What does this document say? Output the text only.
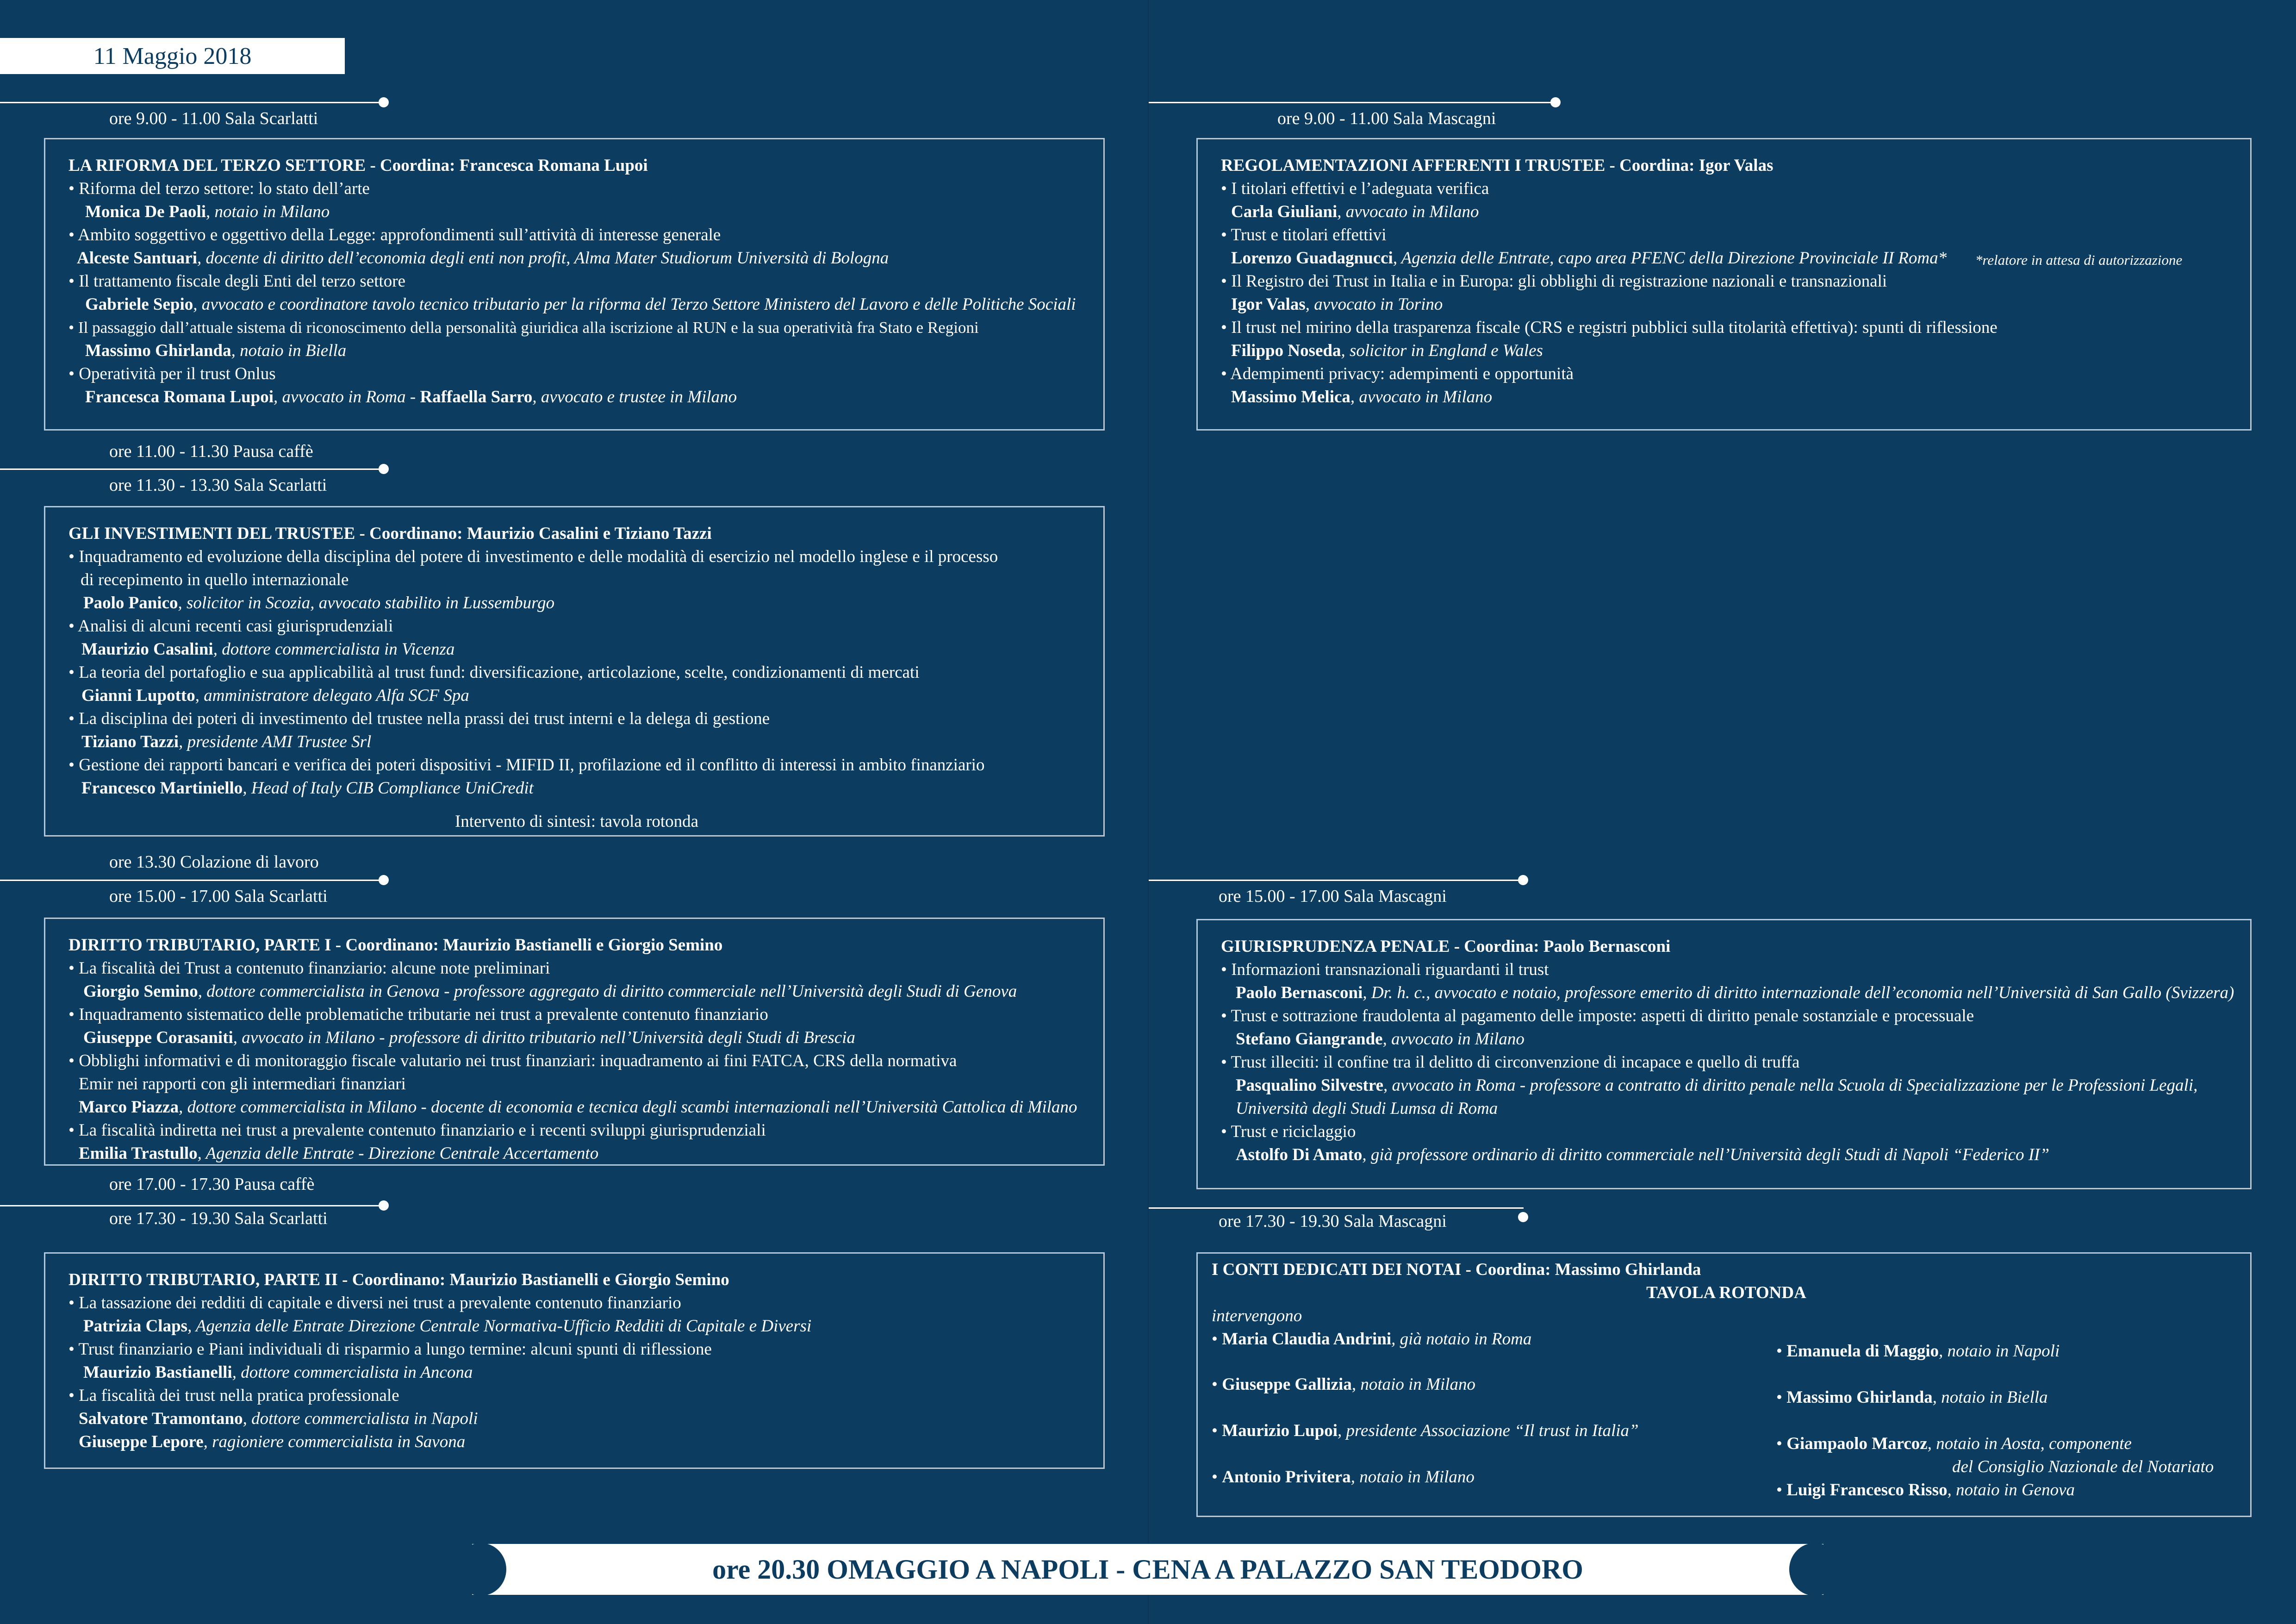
11 Maggio 2018
ore 9.00 - 11.00 Sala Scarlatti
LA RIFORMA DEL TERZO SETTORE - Coordina: Francesca Romana Lupoi
• Riforma del terzo settore: lo stato dell’arte
Monica De Paoli, notaio in Milano
• Ambito soggettivo e oggettivo della Legge: approfondimenti sull’attività di interesse generale
Alceste Santuari, docente di diritto dell’economia degli enti non profit, Alma Mater Studiorum Università di Bologna
• Il trattamento fiscale degli Enti del terzo settore
Gabriele Sepio, avvocato e coordinatore tavolo tecnico tributario per la riforma del Terzo Settore Ministero del Lavoro e delle Politiche Sociali
• Il passaggio dall’attuale sistema di riconoscimento della personalità giuridica alla iscrizione al RUN e la sua operatività fra Stato e Regioni
Massimo Ghirlanda, notaio in Biella
• Operatività per il trust Onlus
Francesca Romana Lupoi, avvocato in Roma - Raffaella Sarro, avvocato e trustee in Milano
ore 11.00 - 11.30 Pausa caffè
ore 11.30 - 13.30 Sala Scarlatti
GLI INVESTIMENTI DEL TRUSTEE - Coordinano: Maurizio Casalini e Tiziano Tazzi
• Inquadramento ed evoluzione della disciplina del potere di investimento e delle modalità di esercizio nel modello inglese e il processo
di recepimento in quello internazionale
Paolo Panico, solicitor in Scozia, avvocato stabilito in Lussemburgo
• Analisi di alcuni recenti casi giurisprudenziali
Maurizio Casalini, dottore commercialista in Vicenza
• La teoria del portafoglio e sua applicabilità al trust fund: diversificazione, articolazione, scelte, condizionamenti di mercati
Gianni Lupotto, amministratore delegato Alfa SCF Spa
• La disciplina dei poteri di investimento del trustee nella prassi dei trust interni e la delega di gestione
Tiziano Tazzi, presidente AMI Trustee Srl
• Gestione dei rapporti bancari e verifica dei poteri dispositivi - MIFID II, profilazione ed il conflitto di interessi in ambito finanziario
Francesco Martiniello, Head of Italy CIB Compliance UniCredit
Intervento di sintesi: tavola rotonda
ore 13.30 Colazione di lavoro
ore 15.00 - 17.00 Sala Scarlatti
DIRITTO TRIBUTARIO, PARTE I - Coordinano: Maurizio Bastianelli e Giorgio Semino
• La fiscalità dei Trust a contenuto finanziario: alcune note preliminari
Giorgio Semino, dottore commercialista in Genova - professore aggregato di diritto commerciale nell’Università degli Studi di Genova
• Inquadramento sistematico delle problematiche tributarie nei trust a prevalente contenuto finanziario
Giuseppe Corasaniti, avvocato in Milano - professore di diritto tributario nell’Università degli Studi di Brescia
• Obblighi informativi e di monitoraggio fiscale valutario nei trust finanziari: inquadramento ai fini FATCA, CRS della normativa
Emir nei rapporti con gli intermediari finanziari
Marco Piazza, dottore commercialista in Milano - docente di economia e tecnica degli scambi internazionali nell’Università Cattolica di Milano
• La fiscalità indiretta nei trust a prevalente contenuto finanziario e i recenti sviluppi giurisprudenziali
Emilia Trastullo, Agenzia delle Entrate - Direzione Centrale Accertamento
ore 17.00 - 17.30 Pausa caffè
ore 17.30 - 19.30 Sala Scarlatti
DIRITTO TRIBUTARIO, PARTE II - Coordinano: Maurizio Bastianelli e Giorgio Semino
• La tassazione dei redditi di capitale e diversi nei trust a prevalente contenuto finanziario
Patrizia Claps, Agenzia delle Entrate Direzione Centrale Normativa-Ufficio Redditi di Capitale e Diversi
• Trust finanziario e Piani individuali di risparmio a lungo termine: alcuni spunti di riflessione
Maurizio Bastianelli, dottore commercialista in Ancona
• La fiscalità dei trust nella pratica professionale
Salvatore Tramontano, dottore commercialista in Napoli
Giuseppe Lepore, ragioniere commercialista in Savona
ore 9.00 - 11.00 Sala Mascagni
REGOLAMENTAZIONI AFFERENTI I TRUSTEE - Coordina: Igor Valas
• I titolari effettivi e l’adeguata verifica
Carla Giuliani, avvocato in Milano
• Trust e titolari effettivi
Lorenzo Guadagnucci, Agenzia delle Entrate, capo area PFENC della Direzione Provinciale II Roma* *relatore in attesa di autorizzazione
• Il Registro dei Trust in Italia e in Europa: gli obblighi di registrazione nazionali e transnazionali
Igor Valas, avvocato in Torino
• Il trust nel mirino della trasparenza fiscale (CRS e registri pubblici sulla titolarità effettiva): spunti di riflessione
Filippo Noseda, solicitor in England e Wales
• Adempimenti privacy: adempimenti e opportunità
Massimo Melica, avvocato in Milano
ore 15.00 - 17.00 Sala Mascagni
GIURISPRUDENZA PENALE - Coordina: Paolo Bernasconi
• Informazioni transnazionali riguardanti il trust
Paolo Bernasconi, Dr. h. c., avvocato e notaio, professore emerito di diritto internazionale dell’economia nell’Università di San Gallo (Svizzera)
• Trust e sottrazione fraudolenta al pagamento delle imposte: aspetti di diritto penale sostanziale e processuale
Stefano Giangrande, avvocato in Milano
• Trust illeciti: il confine tra il delitto di circonvenzione di incapace e quello di truffa
Pasqualino Silvestre, avvocato in Roma - professore a contratto di diritto penale nella Scuola di Specializzazione per le Professioni Legali,
Università degli Studi Lumsa di Roma
• Trust e riciclaggio
Astolfo Di Amato, già professore ordinario di diritto commerciale nell’Università degli Studi di Napoli “Federico II”
ore 17.30 - 19.30 Sala Mascagni
I CONTI DEDICATI DEI NOTAI - Coordina: Massimo Ghirlanda
TAVOLA ROTONDA
intervengono
• Maria Claudia Andrini, già notaio in Roma
• Giuseppe Gallizia, notaio in Milano
• Maurizio Lupoi, presidente Associazione “Il trust in Italia”
• Antonio Privitera, notaio in Milano
• Emanuela di Maggio, notaio in Napoli
• Massimo Ghirlanda, notaio in Biella
• Giampaolo Marcoz, notaio in Aosta, componente
del Consiglio Nazionale del Notariato
• Luigi Francesco Risso, notaio in Genova
ore 20.30 OMAGGIO A NAPOLI - CENA A PALAZZO SAN TEODORO
